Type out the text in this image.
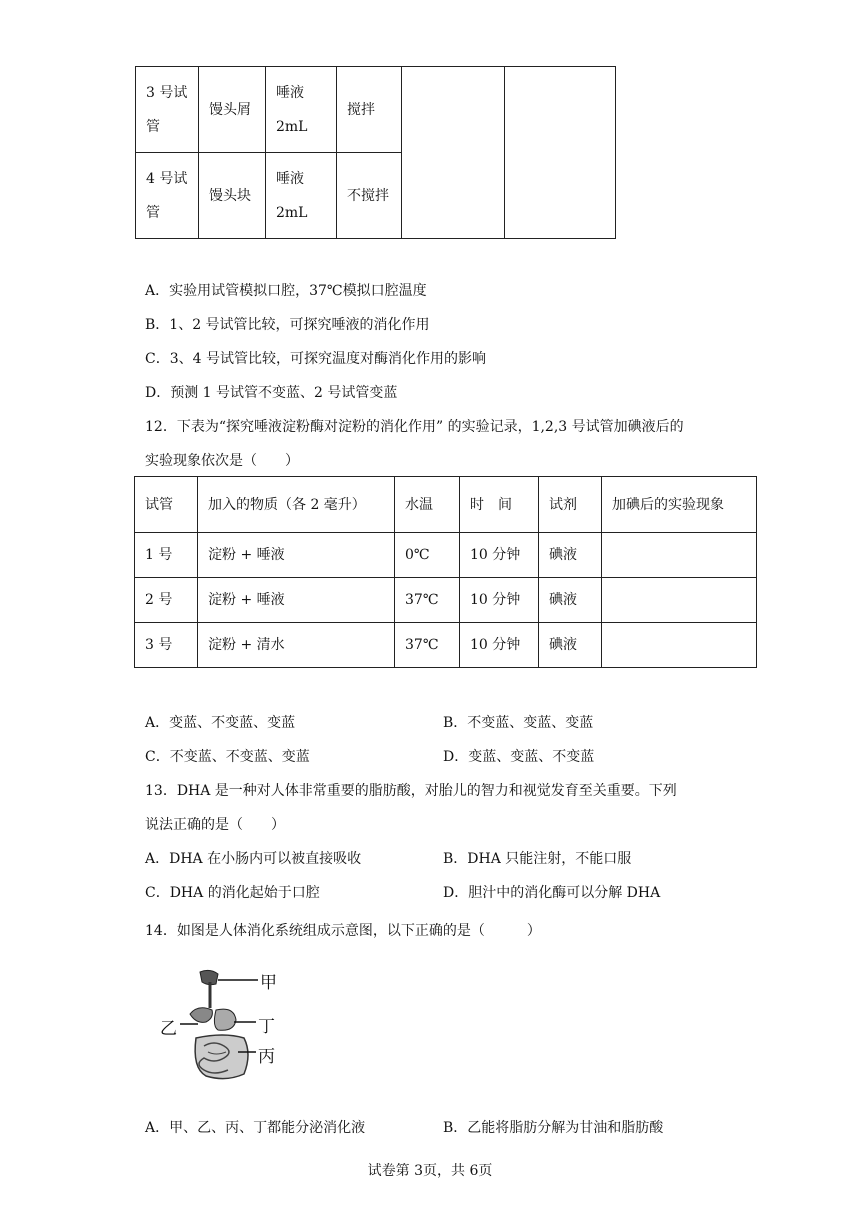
3 号试管	馒头屑	唾液 2mL	搅拌		
4 号试管	馒头块	唾液 2mL	不搅拌		
A．实验用试管模拟口腔，37℃模拟口腔温度
B．1、2 号试管比较，可探究唾液的消化作用
C．3、4 号试管比较，可探究温度对酶消化作用的影响
D．预测 1 号试管不变蓝、2 号试管变蓝
12．下表为“探究唾液淀粉酶对淀粉的消化作用” 的实验记录，1,2,3 号试管加碘液后的
实验现象依次是（　　）
试管	加入的物质（各 2 毫升）	水温	时　间	试剂	加碘后的实验现象
1 号	淀粉 + 唾液	0℃	10 分钟	碘液	
2 号	淀粉 + 唾液	37℃	10 分钟	碘液	
3 号	淀粉 + 清水	37℃	10 分钟	碘液	
A．变蓝、不变蓝、变蓝	B．不变蓝、变蓝、变蓝
C．不变蓝、不变蓝、变蓝	D．变蓝、变蓝、不变蓝
13．DHA 是一种对人体非常重要的脂肪酸，对胎儿的智力和视觉发育至关重要。下列
说法正确的是（　　）
A．DHA 在小肠内可以被直接吸收	B．DHA 只能注射，不能口服
C．DHA 的消化起始于口腔	D．胆汁中的消化酶可以分解 DHA
14．如图是人体消化系统组成示意图，以下正确的是（　　　）
甲
乙	丁
丙
A．甲、乙、丙、丁都能分泌消化液	B．乙能将脂肪分解为甘油和脂肪酸
试卷第 3页，共 6页
